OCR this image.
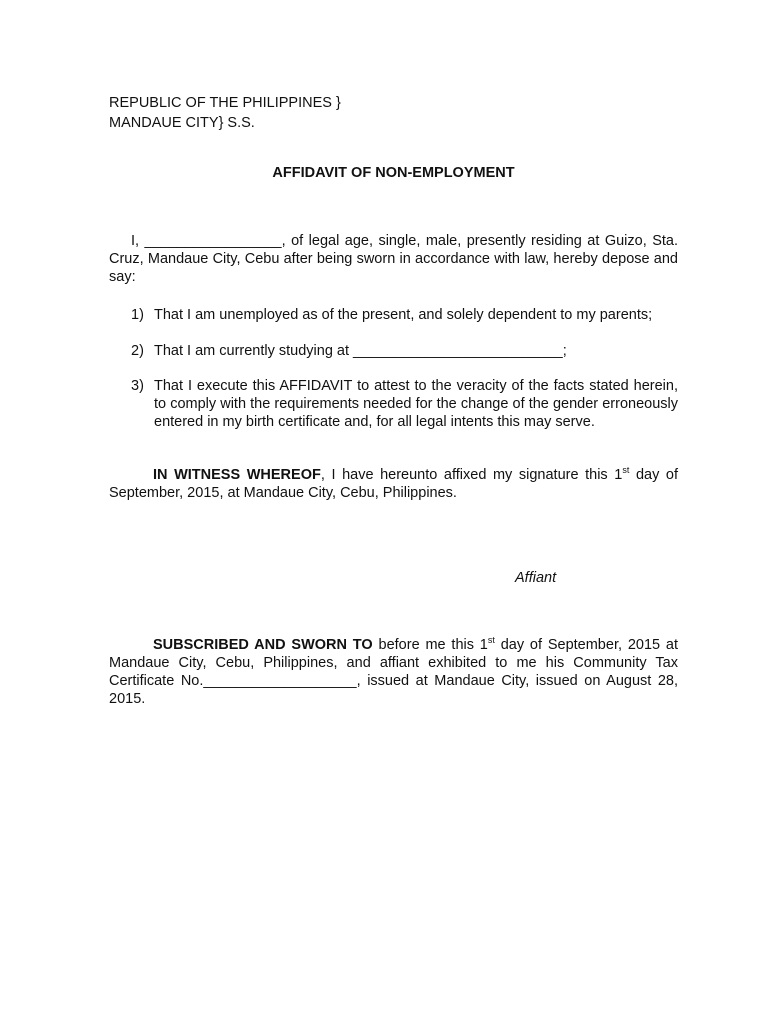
REPUBLIC OF THE PHILIPPINES }
MANDAUE CITY} S.S.
AFFIDAVIT OF NON-EMPLOYMENT
I, _________________, of legal age, single, male, presently residing at Guizo, Sta. Cruz, Mandaue City, Cebu after being sworn in accordance with law, hereby depose and say:
1) That I am unemployed as of the present, and solely dependent to my parents;
2) That I am currently studying at __________________________;
3) That I execute this AFFIDAVIT to attest to the veracity of the facts stated herein, to comply with the requirements needed for the change of the gender erroneously entered in my birth certificate and, for all legal intents this may serve.
IN WITNESS WHEREOF, I have hereunto affixed my signature this 1st day of September, 2015, at Mandaue City, Cebu, Philippines.
Affiant
SUBSCRIBED AND SWORN TO before me this 1st day of September, 2015 at Mandaue City, Cebu, Philippines, and affiant exhibited to me his Community Tax Certificate No.___________________, issued at Mandaue City, issued on August 28, 2015.
